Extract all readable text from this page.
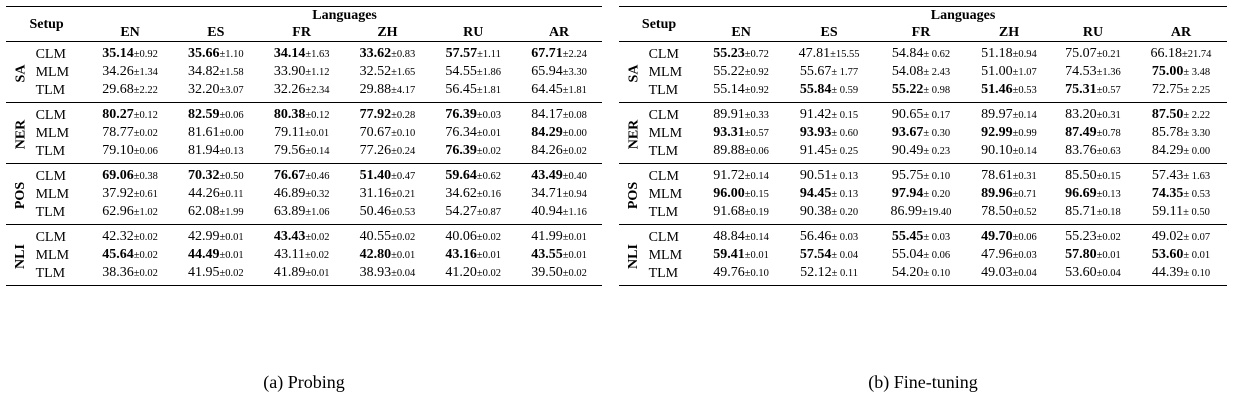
Setup		Languages					
		EN	ES	FR	ZH	RU	AR

SA	CLM	35.14±0.92	35.66±1.10	34.14±1.63	33.62±0.83	57.57±1.11	67.71±2.24
	MLM	34.26±1.34	34.82±1.58	33.90±1.12	32.52±1.65	54.55±1.86	65.94±3.30
	TLM	29.68±2.22	32.20±3.07	32.26±2.34	29.88±4.17	56.45±1.81	64.45±1.81

NER	CLM	80.27±0.12	82.59±0.06	80.38±0.12	77.92±0.28	76.39±0.03	84.17±0.08
	MLM	78.77±0.02	81.61±0.00	79.11±0.01	70.67±0.10	76.34±0.01	84.29±0.00
	TLM	79.10±0.06	81.94±0.13	79.56±0.14	77.26±0.24	76.39±0.02	84.26±0.02

POS	CLM	69.06±0.38	70.32±0.50	76.67±0.46	51.40±0.47	59.64±0.62	43.49±0.40
	MLM	37.92±0.61	44.26±0.11	46.89±0.32	31.16±0.21	34.62±0.16	34.71±0.94
	TLM	62.96±1.02	62.08±1.99	63.89±1.06	50.46±0.53	54.27±0.87	40.94±1.16

NLI	CLM	42.32±0.02	42.99±0.01	43.43±0.02	40.55±0.02	40.06±0.02	41.99±0.01
	MLM	45.64±0.02	44.49±0.01	43.11±0.02	42.80±0.01	43.16±0.01	43.55±0.01
	TLM	38.36±0.02	41.95±0.02	41.89±0.01	38.93±0.04	41.20±0.02	39.50±0.02

Setup		Languages					
		EN	ES	FR	ZH	RU	AR

SA	CLM	55.23±0.72	47.81±15.55	54.84± 0.62	51.18±0.94	75.07±0.21	66.18±21.74
	MLM	55.22±0.92	55.67± 1.77	54.08± 2.43	51.00±1.07	74.53±1.36	75.00± 3.48
	TLM	55.14±0.92	55.84± 0.59	55.22± 0.98	51.46±0.53	75.31±0.57	72.75± 2.25

NER	CLM	89.91±0.33	91.42± 0.15	90.65± 0.17	89.97±0.14	83.20±0.31	87.50± 2.22
	MLM	93.31±0.57	93.93± 0.60	93.67± 0.30	92.99±0.99	87.49±0.78	85.78± 3.30
	TLM	89.88±0.06	91.45± 0.25	90.49± 0.23	90.10±0.14	83.76±0.63	84.29± 0.00

POS	CLM	91.72±0.14	90.51± 0.13	95.75± 0.10	78.61±0.31	85.50±0.15	57.43± 1.63
	MLM	96.00±0.15	94.45± 0.13	97.94± 0.20	89.96±0.71	96.69±0.13	74.35± 0.53
	TLM	91.68±0.19	90.38± 0.20	86.99±19.40	78.50±0.52	85.71±0.18	59.11± 0.50

NLI	CLM	48.84±0.14	56.46± 0.03	55.45± 0.03	49.70±0.06	55.23±0.02	49.02± 0.07
	MLM	59.41±0.01	57.54± 0.04	55.04± 0.06	47.96±0.03	57.80±0.01	53.60± 0.01
	TLM	49.76±0.10	52.12± 0.11	54.20± 0.10	49.03±0.04	53.60±0.04	44.39± 0.10

(a) Probing	(b) Fine-tuning
